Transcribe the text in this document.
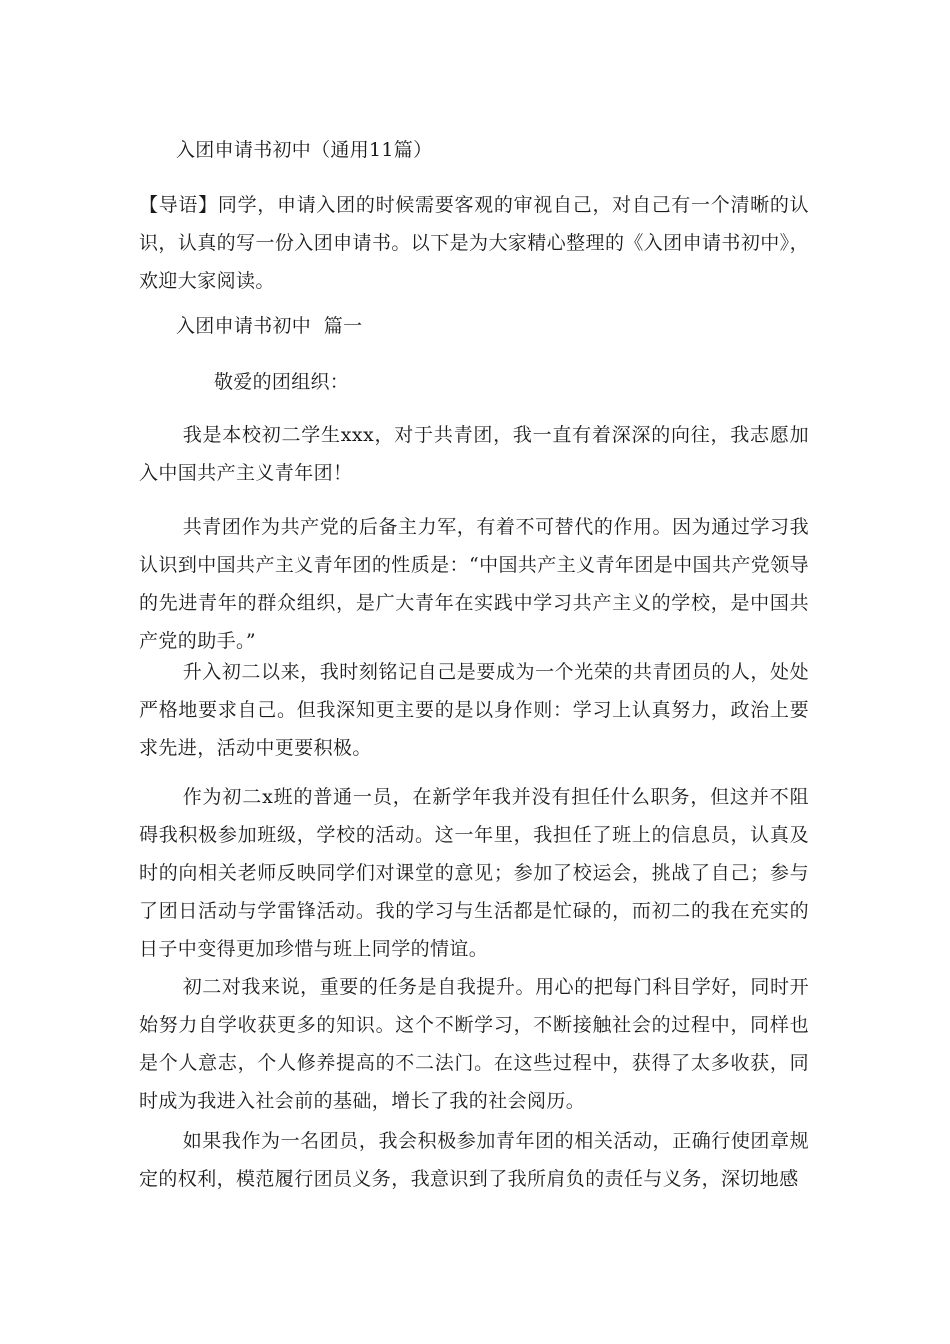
入团申请书初中（通用11篇）

【导语】同学，申请入团的时候需要客观的审视自己，对自己有一个清晰的认识，认真的写一份入团申请书。以下是为大家精心整理的《入团申请书初中》，欢迎大家阅读。

入团申请书初中  篇一
敬爱的团组织：

我是本校初二学生xxx，对于共青团，我一直有着深深的向往，我志愿加入中国共产主义青年团！

共青团作为共产党的后备主力军，有着不可替代的作用。因为通过学习我认识到中国共产主义青年团的性质是：“中国共产主义青年团是中国共产党领导的先进青年的群众组织，是广大青年在实践中学习共产主义的学校，是中国共产党的助手。”

升入初二以来，我时刻铭记自己是要成为一个光荣的共青团员的人，处处严格地要求自己。但我深知更主要的是以身作则：学习上认真努力，政治上要求先进，活动中更要积极。

作为初二x班的普通一员，在新学年我并没有担任什么职务，但这并不阻碍我积极参加班级，学校的活动。这一年里，我担任了班上的信息员，认真及时的向相关老师反映同学们对课堂的意见；参加了校运会，挑战了自己；参与了团日活动与学雷锋活动。我的学习与生活都是忙碌的，而初二的我在充实的日子中变得更加珍惜与班上同学的情谊。

初二对我来说，重要的任务是自我提升。用心的把每门科目学好，同时开始努力自学收获更多的知识。这个不断学习，不断接触社会的过程中，同样也是个人意志，个人修养提高的不二法门。在这些过程中，获得了太多收获，同时成为我进入社会前的基础，增长了我的社会阅历。

如果我作为一名团员，我会积极参加青年团的相关活动，正确行使团章规定的权利，模范履行团员义务，我意识到了我所肩负的责任与义务，深切地感
